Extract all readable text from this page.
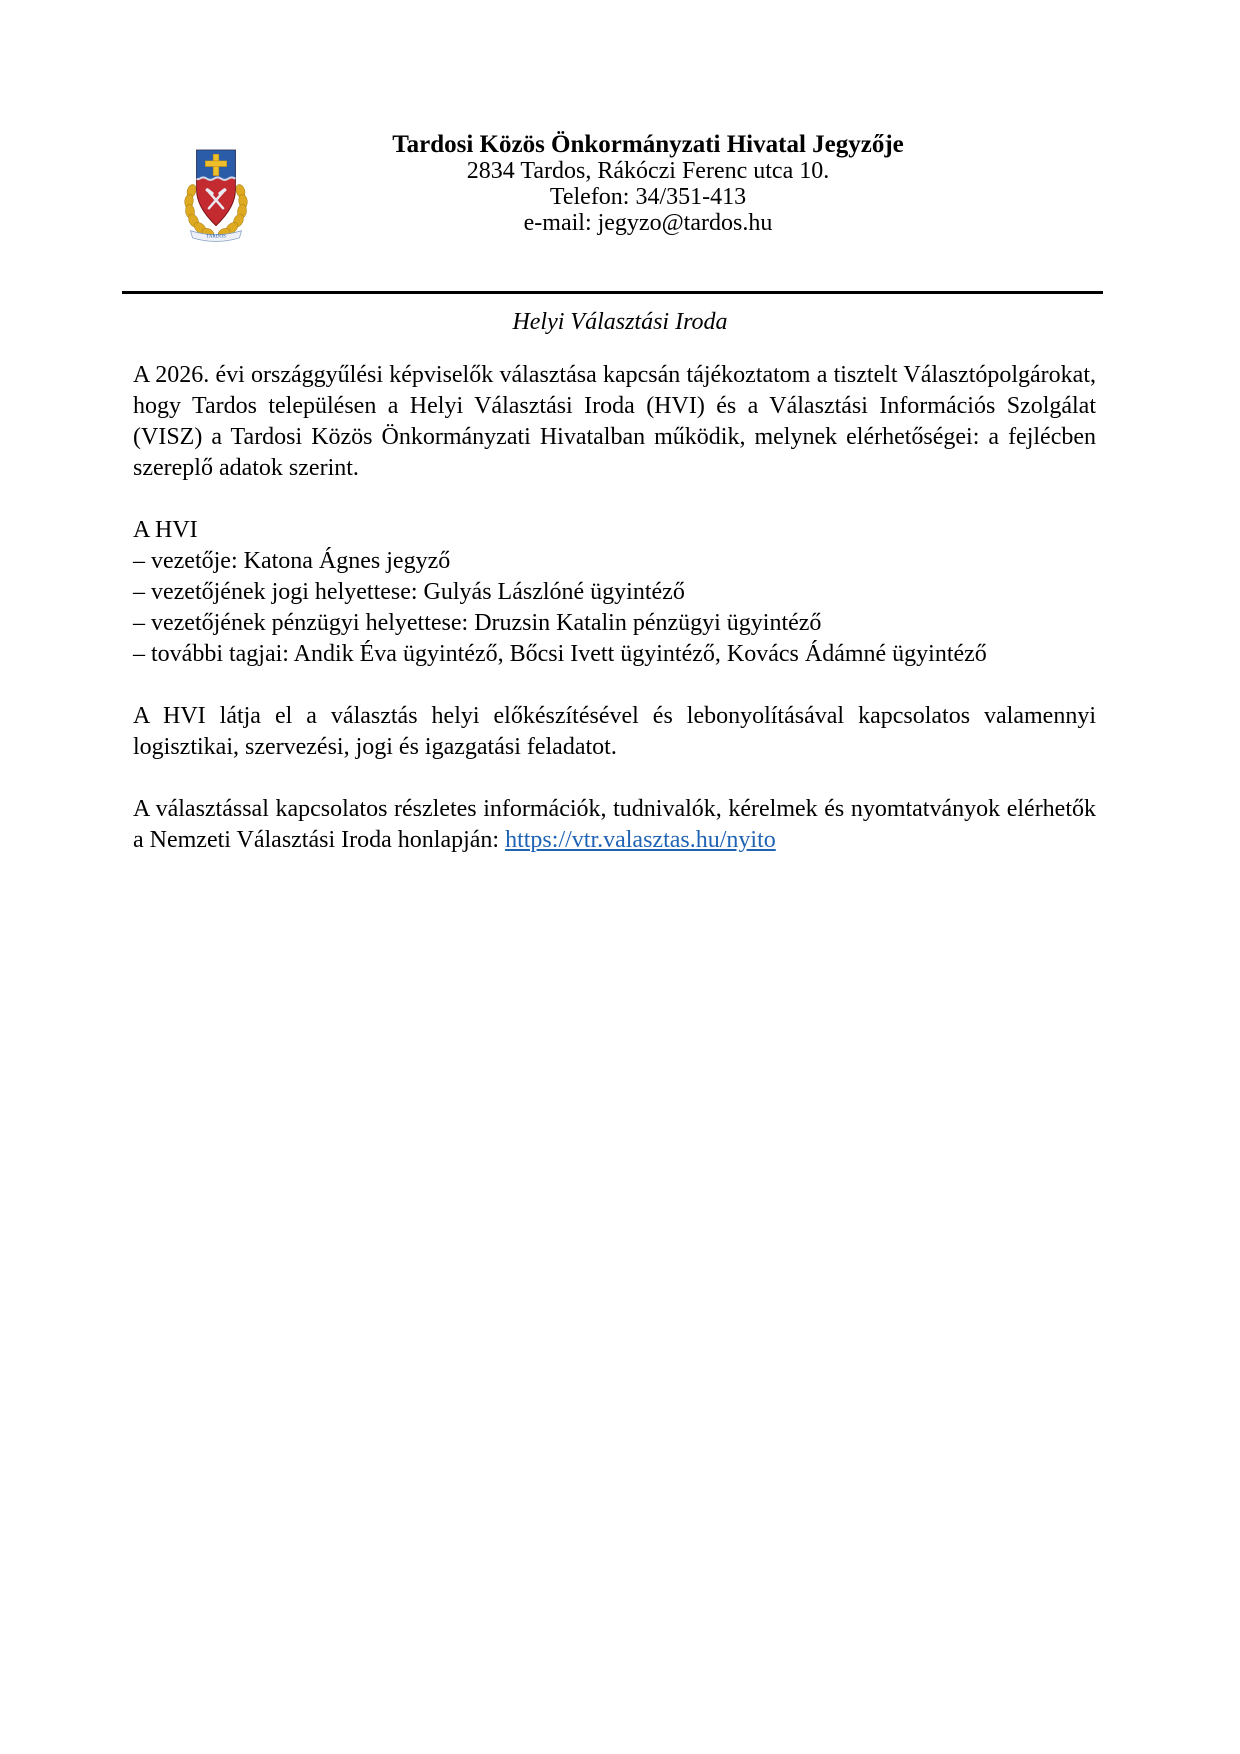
TARDOS
Tardosi Közös Önkormányzati Hivatal Jegyzője
2834 Tardos, Rákóczi Ferenc utca 10.
Telefon: 34/351-413
e-mail: jegyzo@tardos.hu
Helyi Választási Iroda

A 2026. évi országgyűlési képviselők választása kapcsán tájékoztatom a tisztelt Választópolgárokat, hogy Tardos településen a Helyi Választási Iroda (HVI) és a Választási Információs Szolgálat (VISZ) a Tardosi Közös Önkormányzati Hivatalban működik, melynek elérhetőségei: a fejlécben szereplő adatok szerint.

A HVI
– vezetője: Katona Ágnes jegyző
– vezetőjének jogi helyettese: Gulyás Lászlóné ügyintéző
– vezetőjének pénzügyi helyettese: Druzsin Katalin pénzügyi ügyintéző
– további tagjai: Andik Éva ügyintéző, Bőcsi Ivett ügyintéző, Kovács Ádámné ügyintéző

A HVI látja el a választás helyi előkészítésével és lebonyolításával kapcsolatos valamennyi logisztikai, szervezési, jogi és igazgatási feladatot.

A választással kapcsolatos részletes információk, tudnivalók, kérelmek és nyomtatványok elérhetők a Nemzeti Választási Iroda honlapján: https://vtr.valasztas.hu/nyito
